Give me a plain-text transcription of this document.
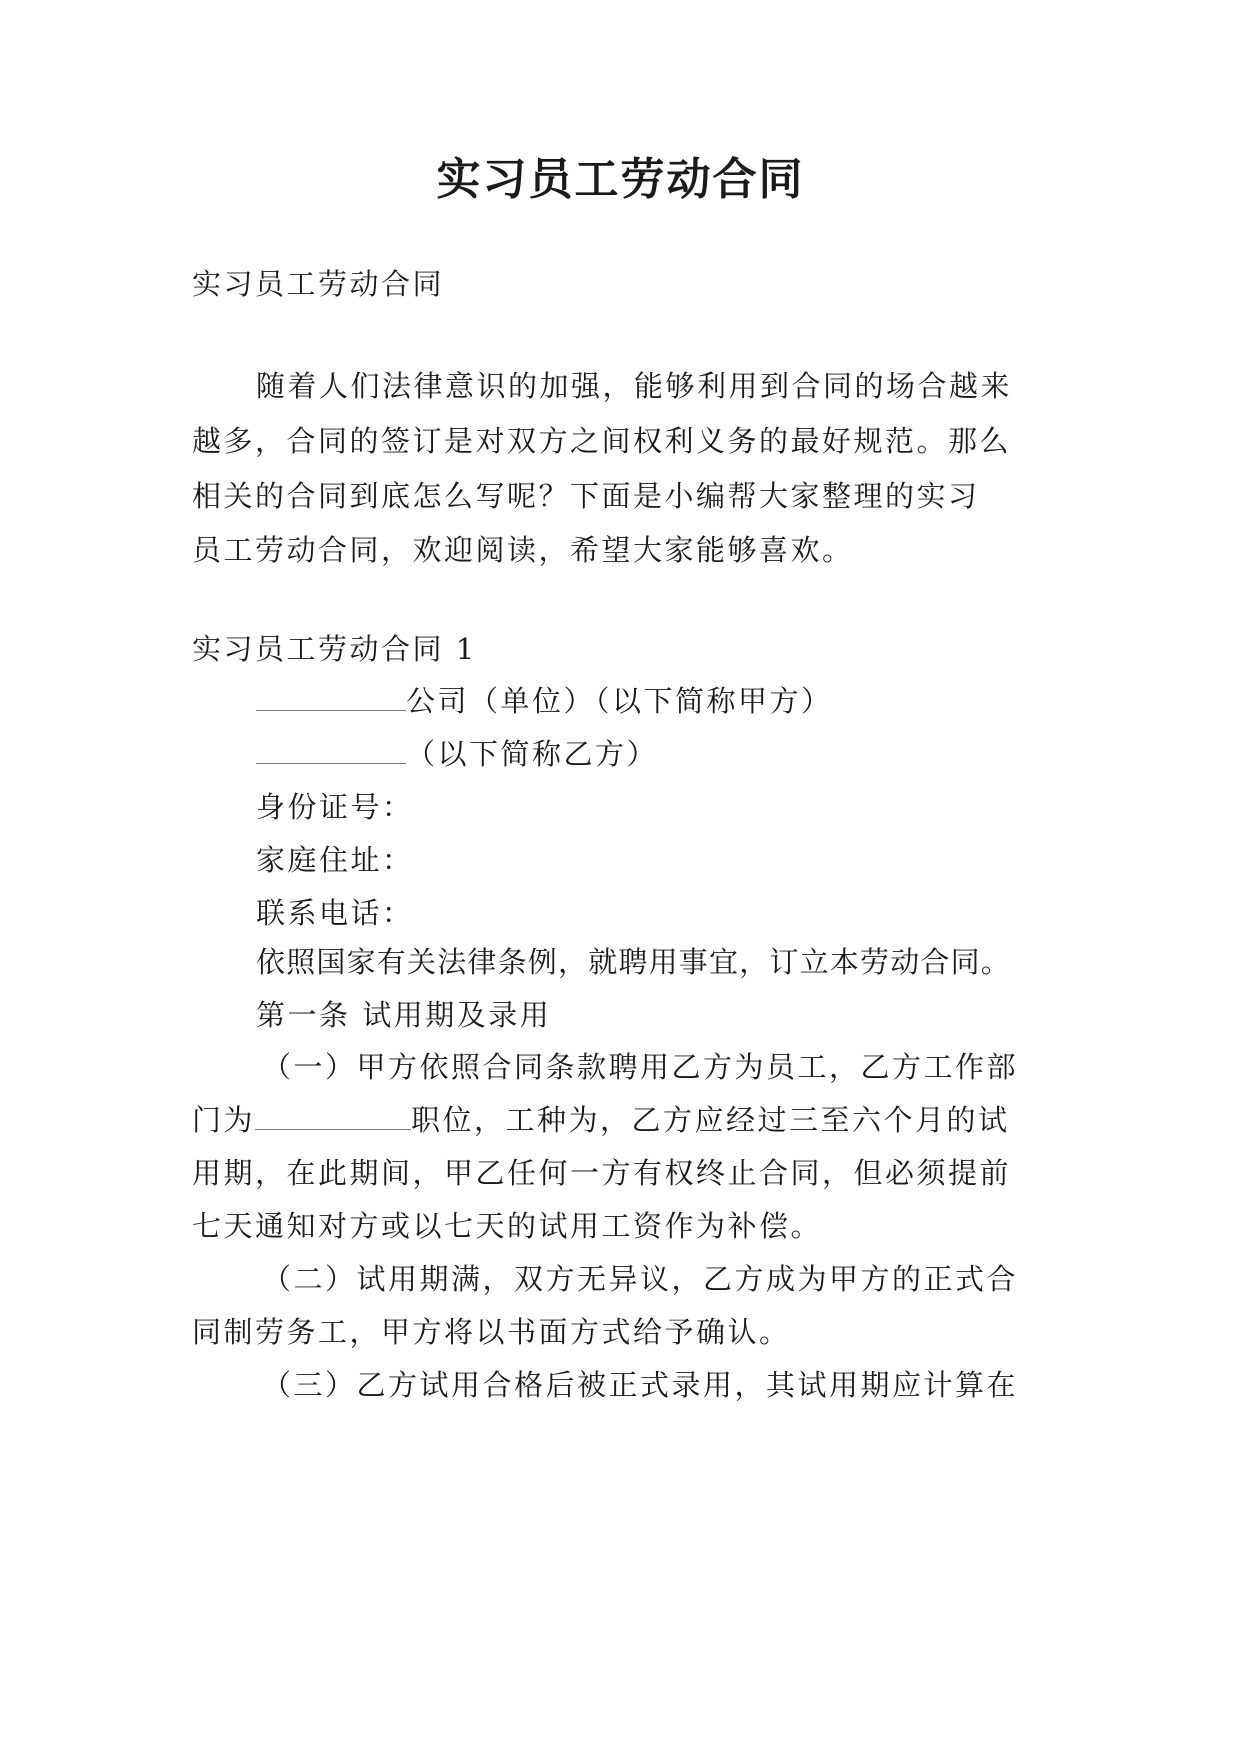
实习员工劳动合同
实习员工劳动合同
随着人们法律意识的加强，能够利用到合同的场合越来
越多，合同的签订是对双方之间权利义务的最好规范。那么
相关的合同到底怎么写呢？下面是小编帮大家整理的实习
员工劳动合同，欢迎阅读，希望大家能够喜欢。
实习员工劳动合同 1
公司（单位）（以下简称甲方）
（以下简称乙方）
身份证号：
家庭住址：
联系电话：
依照国家有关法律条例，就聘用事宜，订立本劳动合同。
第一条 试用期及录用
（一）甲方依照合同条款聘用乙方为员工，乙方工作部
门为	职位，工种为，乙方应经过三至六个月的试
用期，在此期间，甲乙任何一方有权终止合同，但必须提前
七天通知对方或以七天的试用工资作为补偿。
（二）试用期满，双方无异议，乙方成为甲方的正式合
同制劳务工，甲方将以书面方式给予确认。
（三）乙方试用合格后被正式录用，其试用期应计算在
